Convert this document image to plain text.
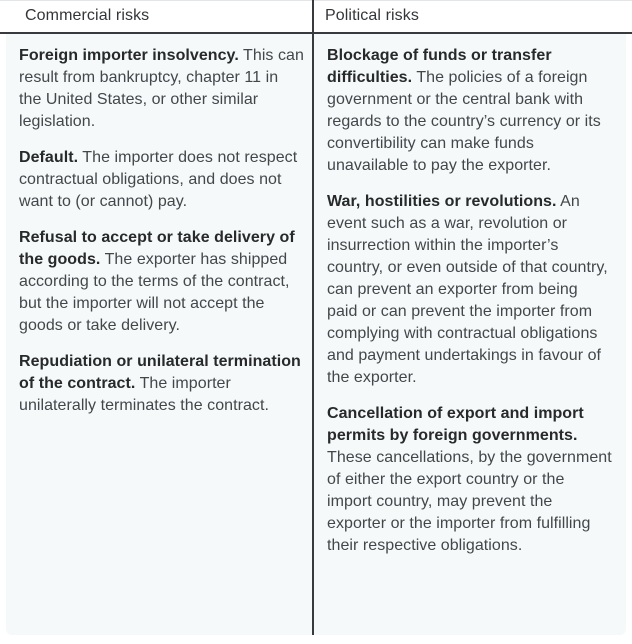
Commercial risks	Political risks

Foreign importer insolvency. This can result from bankruptcy, chapter 11 in the United States, or other similar legislation.

Default. The importer does not respect contractual obligations, and does not want to (or cannot) pay.

Refusal to accept or take delivery of the goods. The exporter has shipped according to the terms of the contract, but the importer will not accept the goods or take delivery.

Repudiation or unilateral termination of the contract. The importer unilaterally terminates the contract.

Blockage of funds or transfer difficulties. The policies of a foreign government or the central bank with regards to the country’s currency or its convertibility can make funds unavailable to pay the exporter.

War, hostilities or revolutions. An event such as a war, revolution or insurrection within the importer’s country, or even outside of that country, can prevent an exporter from being paid or can prevent the importer from complying with contractual obligations and payment undertakings in favour of the exporter.

Cancellation of export and import permits by foreign governments. These cancellations, by the government of either the export country or the import country, may prevent the exporter or the importer from fulfilling their respective obligations.
